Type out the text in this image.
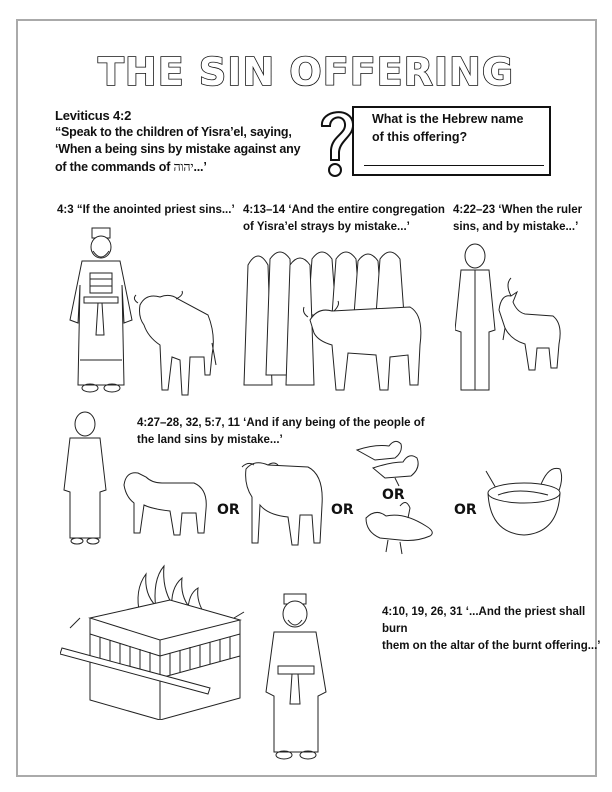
THE SIN OFFERING
Leviticus 4:2
“Speak to the children of Yisra’el, saying,
‘When a being sins by mistake against any
of the commands of יהוה...’
What is the Hebrew name
of this offering?
4:3 “If the anointed priest sins...’ 4:13–14 ‘And the entire congregation
of Yisra’el strays by mistake...’
4:22–23 ‘When the ruler
sins, and by mistake...’
4:27–28, 32, 5:7, 11 ‘And if any being of the people of
the land sins by mistake...’
4:10, 19, 26, 31 ‘...And the priest shall burn
them on the altar of the burnt offering...’
OR	OR
OR
OR
